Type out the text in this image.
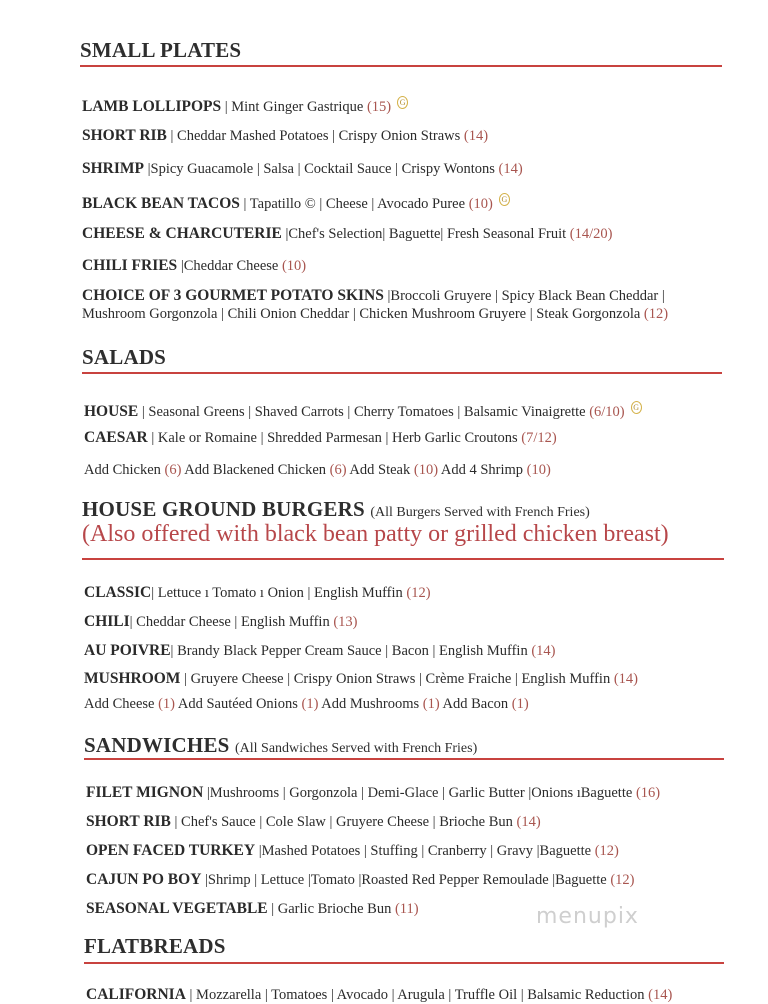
SMALL PLATES
LAMB LOLLIPOPS | Mint Ginger Gastrique (15) G
SHORT RIB | Cheddar Mashed Potatoes | Crispy Onion Straws (14)
SHRIMP |Spicy Guacamole | Salsa | Cocktail Sauce | Crispy Wontons (14)
BLACK BEAN TACOS | Tapatillo © | Cheese | Avocado Puree (10) G
CHEESE & CHARCUTERIE |Chef's Selection| Baguette| Fresh Seasonal Fruit (14/20)
CHILI FRIES |Cheddar Cheese (10)
CHOICE OF 3 GOURMET POTATO SKINS |Broccoli Gruyere | Spicy Black Bean Cheddar |
Mushroom Gorgonzola | Chili Onion Cheddar | Chicken Mushroom Gruyere | Steak Gorgonzola (12)
SALADS
HOUSE | Seasonal Greens | Shaved Carrots | Cherry Tomatoes | Balsamic Vinaigrette (6/10) G
CAESAR | Kale or Romaine | Shredded Parmesan | Herb Garlic Croutons (7/12)
Add Chicken (6) Add Blackened Chicken (6) Add Steak (10) Add 4 Shrimp (10)
HOUSE GROUND BURGERS (All Burgers Served with French Fries)
(Also offered with black bean patty or grilled chicken breast)
CLASSIC| Lettuce ı Tomato ı Onion | English Muffin (12)
CHILI| Cheddar Cheese | English Muffin (13)
AU POIVRE| Brandy Black Pepper Cream Sauce | Bacon | English Muffin (14)
MUSHROOM | Gruyere Cheese | Crispy Onion Straws | Crème Fraiche | English Muffin (14)
Add Cheese (1) Add Sautéed Onions (1) Add Mushrooms (1) Add Bacon (1)
SANDWICHES (All Sandwiches Served with French Fries)
FILET MIGNON |Mushrooms | Gorgonzola | Demi-Glace | Garlic Butter |Onions ıBaguette (16)
SHORT RIB | Chef's Sauce | Cole Slaw | Gruyere Cheese | Brioche Bun (14)
OPEN FACED TURKEY |Mashed Potatoes | Stuffing | Cranberry | Gravy |Baguette (12)
CAJUN PO BOY |Shrimp | Lettuce |Tomato |Roasted Red Pepper Remoulade |Baguette (12)
SEASONAL VEGETABLE | Garlic Brioche Bun (11)
FLATBREADS
CALIFORNIA | Mozzarella | Tomatoes | Avocado | Arugula | Truffle Oil | Balsamic Reduction (14)
menupix
